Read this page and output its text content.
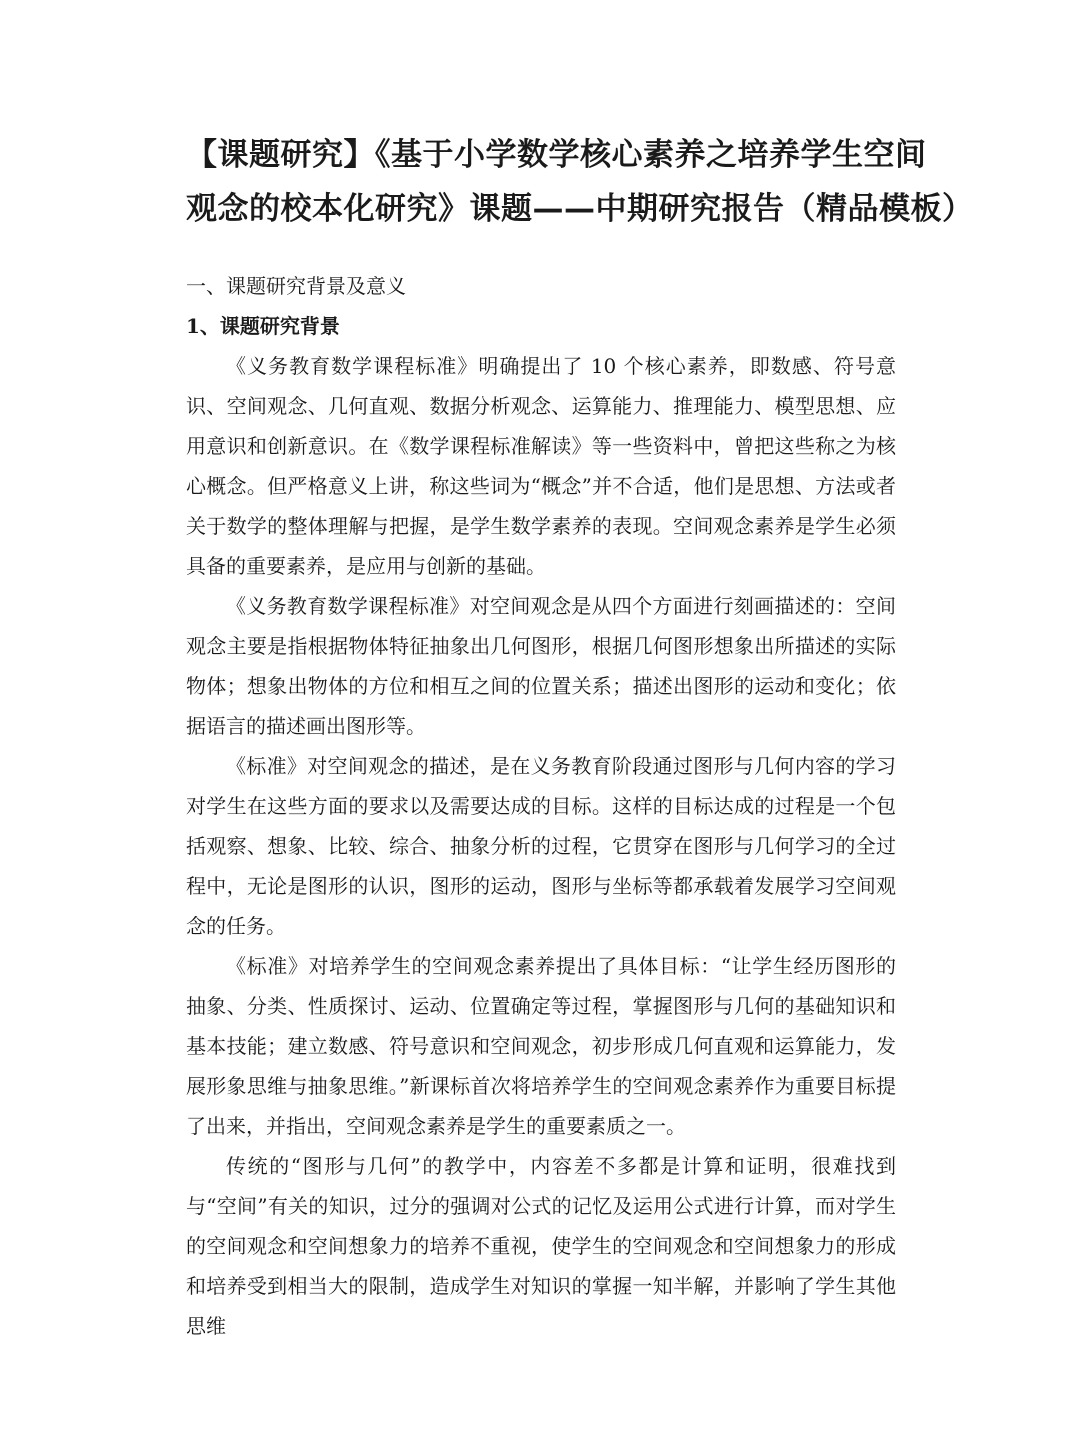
【课题研究】《基于小学数学核心素养之培养学生空间
观念的校本化研究》课题——中期研究报告（精品模板）
一、课题研究背景及意义
1、课题研究背景

《义务教育数学课程标准》明确提出了 10 个核心素养，即数感、符号意识、空间观念、几何直观、数据分析观念、运算能力、推理能力、模型思想、应用意识和创新意识。在《数学课程标准解读》等一些资料中，曾把这些称之为核心概念。但严格意义上讲，称这些词为“概念”并不合适，他们是思想、方法或者关于数学的整体理解与把握，是学生数学素养的表现。空间观念素养是学生必须具备的重要素养，是应用与创新的基础。

《义务教育数学课程标准》对空间观念是从四个方面进行刻画描述的：空间观念主要是指根据物体特征抽象出几何图形，根据几何图形想象出所描述的实际物体；想象出物体的方位和相互之间的位置关系；描述出图形的运动和变化；依据语言的描述画出图形等。

《标准》对空间观念的描述，是在义务教育阶段通过图形与几何内容的学习对学生在这些方面的要求以及需要达成的目标。这样的目标达成的过程是一个包括观察、想象、比较、综合、抽象分析的过程，它贯穿在图形与几何学习的全过程中，无论是图形的认识，图形的运动，图形与坐标等都承载着发展学习空间观念的任务。

《标准》对培养学生的空间观念素养提出了具体目标：“让学生经历图形的抽象、分类、性质探讨、运动、位置确定等过程，掌握图形与几何的基础知识和基本技能；建立数感、符号意识和空间观念，初步形成几何直观和运算能力，发展形象思维与抽象思维。”新课标首次将培养学生的空间观念素养作为重要目标提了出来，并指出，空间观念素养是学生的重要素质之一。

传统的“图形与几何”的教学中，内容差不多都是计算和证明，很难找到与“空间”有关的知识，过分的强调对公式的记忆及运用公式进行计算，而对学生的空间观念和空间想象力的培养不重视，使学生的空间观念和空间想象力的形成和培养受到相当大的限制，造成学生对知识的掌握一知半解，并影响了学生其他思维
